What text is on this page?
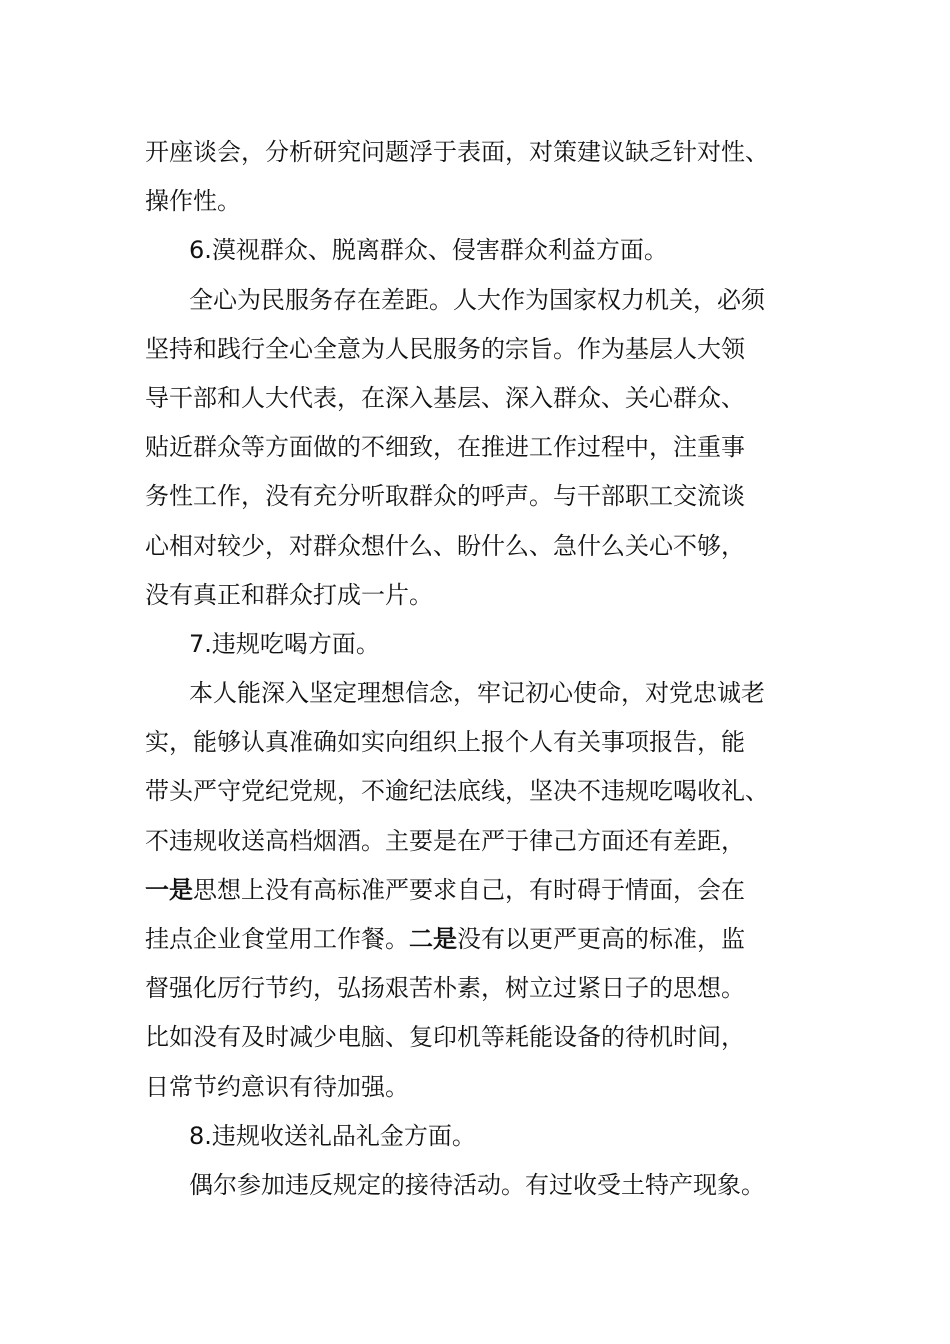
开座谈会，分析研究问题浮于表面，对策建议缺乏针对性、
操作性。
6.漠视群众、脱离群众、侵害群众利益方面。
全心为民服务存在差距。人大作为国家权力机关，必须
坚持和践行全心全意为人民服务的宗旨。作为基层人大领
导干部和人大代表，在深入基层、深入群众、关心群众、
贴近群众等方面做的不细致，在推进工作过程中，注重事
务性工作，没有充分听取群众的呼声。与干部职工交流谈
心相对较少，对群众想什么、盼什么、急什么关心不够，
没有真正和群众打成一片。
7.违规吃喝方面。
本人能深入坚定理想信念，牢记初心使命，对党忠诚老
实，能够认真准确如实向组织上报个人有关事项报告，能
带头严守党纪党规，不逾纪法底线，坚决不违规吃喝收礼、
不违规收送高档烟酒。主要是在严于律己方面还有差距，
一是思想上没有高标准严要求自己，有时碍于情面，会在
挂点企业食堂用工作餐。二是没有以更严更高的标准，监
督强化厉行节约，弘扬艰苦朴素，树立过紧日子的思想。
比如没有及时减少电脑、复印机等耗能设备的待机时间，
日常节约意识有待加强。
8.违规收送礼品礼金方面。
偶尔参加违反规定的接待活动。有过收受土特产现象。
